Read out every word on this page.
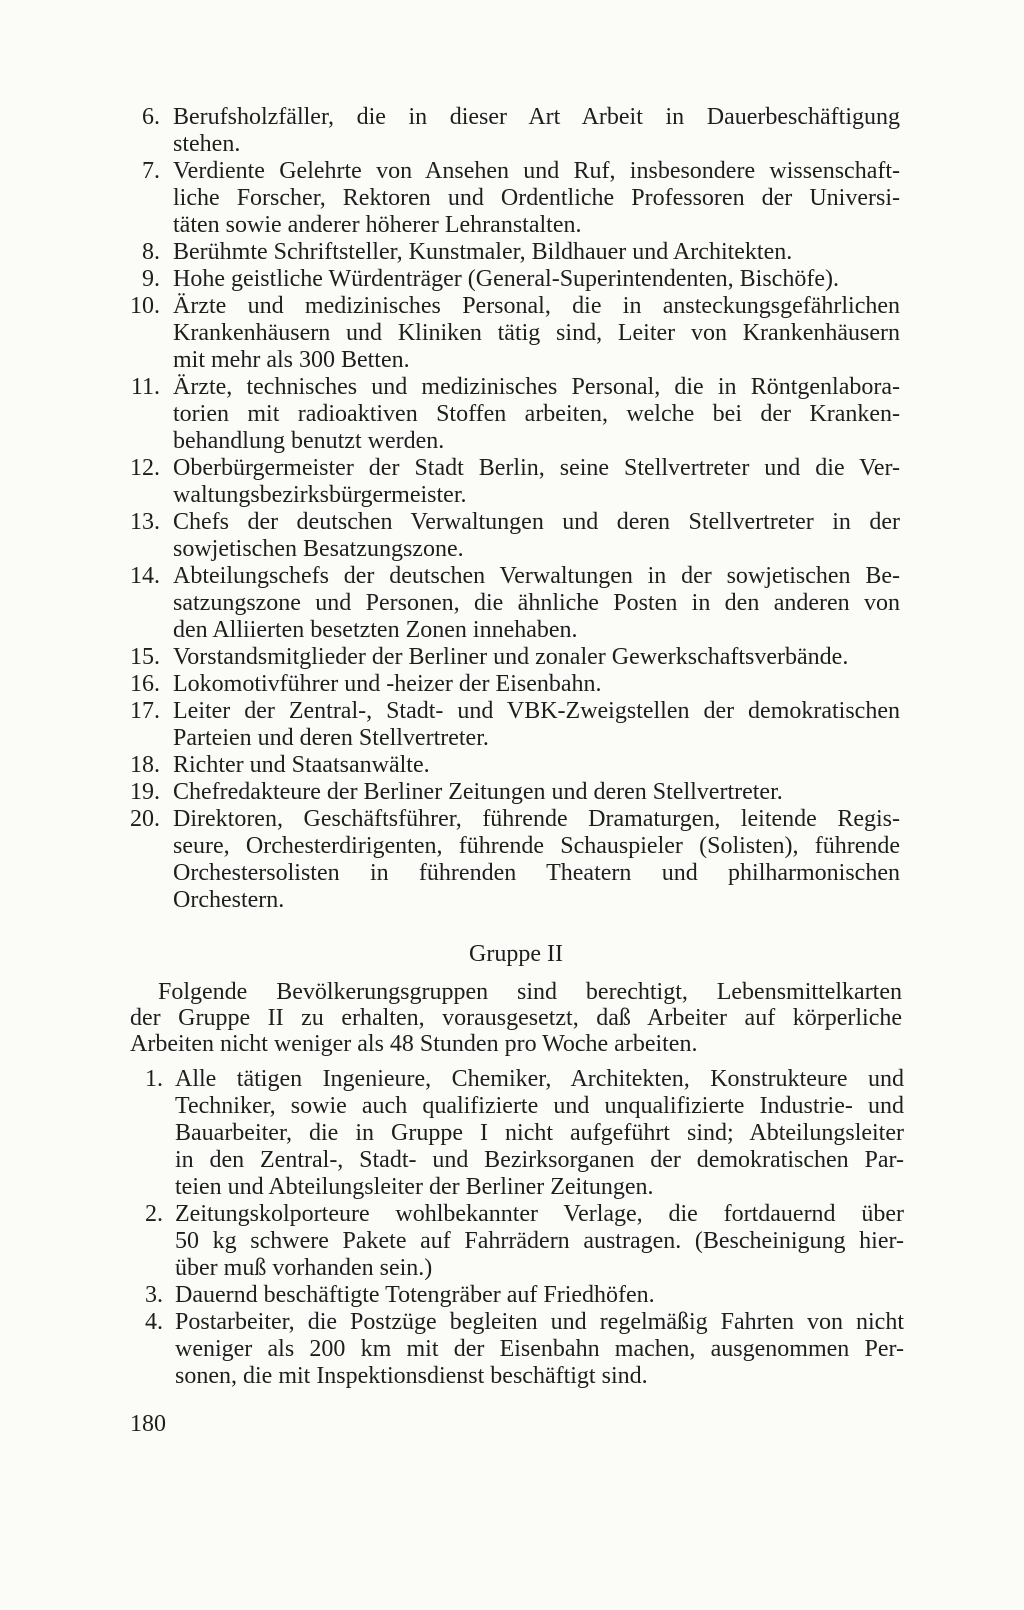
6. Berufsholzfäller, die in dieser Art Arbeit in Dauerbeschäftigung
stehen.
7. Verdiente Gelehrte von Ansehen und Ruf, insbesondere wissenschaft-
liche Forscher, Rektoren und Ordentliche Professoren der Universi-
täten sowie anderer höherer Lehranstalten.
8. Berühmte Schriftsteller, Kunstmaler, Bildhauer und Architekten.
9. Hohe geistliche Würdenträger (General-Superintendenten, Bischöfe).
10. Ärzte und medizinisches Personal, die in ansteckungsgefährlichen
Krankenhäusern und Kliniken tätig sind, Leiter von Krankenhäusern
mit mehr als 300 Betten.
11. Ärzte, technisches und medizinisches Personal, die in Röntgenlabora-
torien mit radioaktiven Stoffen arbeiten, welche bei der Kranken-
behandlung benutzt werden.
12. Oberbürgermeister der Stadt Berlin, seine Stellvertreter und die Ver-
waltungsbezirksbürgermeister.
13. Chefs der deutschen Verwaltungen und deren Stellvertreter in der
sowjetischen Besatzungszone.
14. Abteilungschefs der deutschen Verwaltungen in der sowjetischen Be-
satzungszone und Personen, die ähnliche Posten in den anderen von
den Alliierten besetzten Zonen innehaben.
15. Vorstandsmitglieder der Berliner und zonaler Gewerkschaftsverbände.
16. Lokomotivführer und -heizer der Eisenbahn.
17. Leiter der Zentral-, Stadt- und VBK-Zweigstellen der demokratischen
Parteien und deren Stellvertreter.
18. Richter und Staatsanwälte.
19. Chefredakteure der Berliner Zeitungen und deren Stellvertreter.
20. Direktoren, Geschäftsführer, führende Dramaturgen, leitende Regis-
seure, Orchesterdirigenten, führende Schauspieler (Solisten), führende
Orchestersolisten in führenden Theatern und philharmonischen
Orchestern.
Gruppe II
Folgende Bevölkerungsgruppen sind berechtigt, Lebensmittelkarten
der Gruppe II zu erhalten, vorausgesetzt, daß Arbeiter auf körperliche
Arbeiten nicht weniger als 48 Stunden pro Woche arbeiten.
1. Alle tätigen Ingenieure, Chemiker, Architekten, Konstrukteure und
Techniker, sowie auch qualifizierte und unqualifizierte Industrie- und
Bauarbeiter, die in Gruppe I nicht aufgeführt sind; Abteilungsleiter
in den Zentral-, Stadt- und Bezirksorganen der demokratischen Par-
teien und Abteilungsleiter der Berliner Zeitungen.
2. Zeitungskolporteure wohlbekannter Verlage, die fortdauernd über
50 kg schwere Pakete auf Fahrrädern austragen. (Bescheinigung hier-
über muß vorhanden sein.)
3. Dauernd beschäftigte Totengräber auf Friedhöfen.
4. Postarbeiter, die Postzüge begleiten und regelmäßig Fahrten von nicht
weniger als 200 km mit der Eisenbahn machen, ausgenommen Per-
sonen, die mit Inspektionsdienst beschäftigt sind.
180
